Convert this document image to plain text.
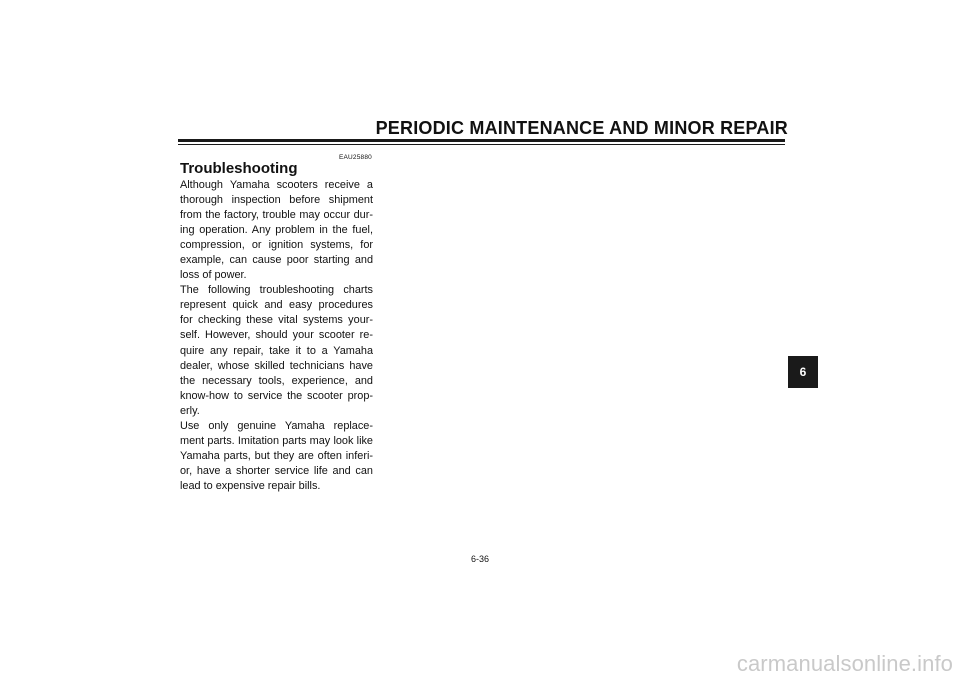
PERIODIC MAINTENANCE AND MINOR REPAIR
EAU25880
Troubleshooting
Although Yamaha scooters receive a
thorough inspection before shipment
from the factory, trouble may occur dur-
ing operation. Any problem in the fuel,
compression, or ignition systems, for
example, can cause poor starting and
loss of power.
The following troubleshooting charts
represent quick and easy procedures
for checking these vital systems your-
self. However, should your scooter re-
quire any repair, take it to a Yamaha
dealer, whose skilled technicians have
the necessary tools, experience, and
know-how to service the scooter prop-
erly.
Use only genuine Yamaha replace-
ment parts. Imitation parts may look like
Yamaha parts, but they are often inferi-
or, have a shorter service life and can
lead to expensive repair bills.
6
6-36
carmanualsonline.info
